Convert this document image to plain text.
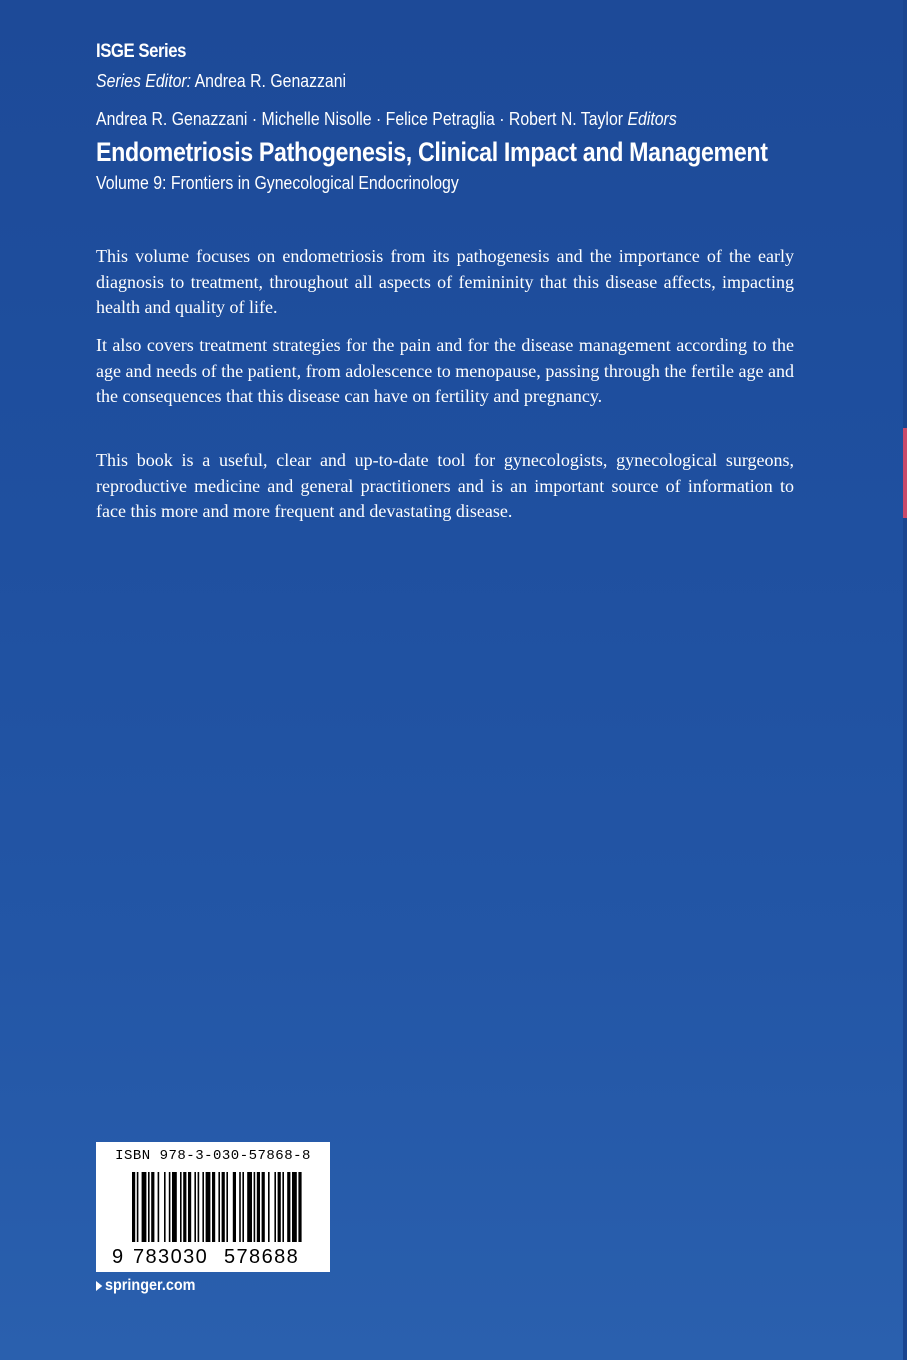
ISGE Series
Series Editor: Andrea R. Genazzani
Andrea R. Genazzani · Michelle Nisolle · Felice Petraglia · Robert N. Taylor Editors
Endometriosis Pathogenesis, Clinical Impact and Management
Volume 9: Frontiers in Gynecological Endocrinology

This volume focuses on endometriosis from its pathogenesis and the importance of the early diagnosis to treatment, throughout all aspects of femininity that this disease affects, impacting health and quality of life.

It also covers treatment strategies for the pain and for the disease management according to the age and needs of the patient, from adolescence to menopause, passing through the fertile age and the consequences that this disease can have on fertility and pregnancy.

This book is a useful, clear and up-to-date tool for gynecologists, gynecological surgeons, reproductive medicine and general practitioners and is an important source of information to face this more and more frequent and devastating disease.

ISBN 978-3-030-57868-8
9 783030 578688
springer.com
